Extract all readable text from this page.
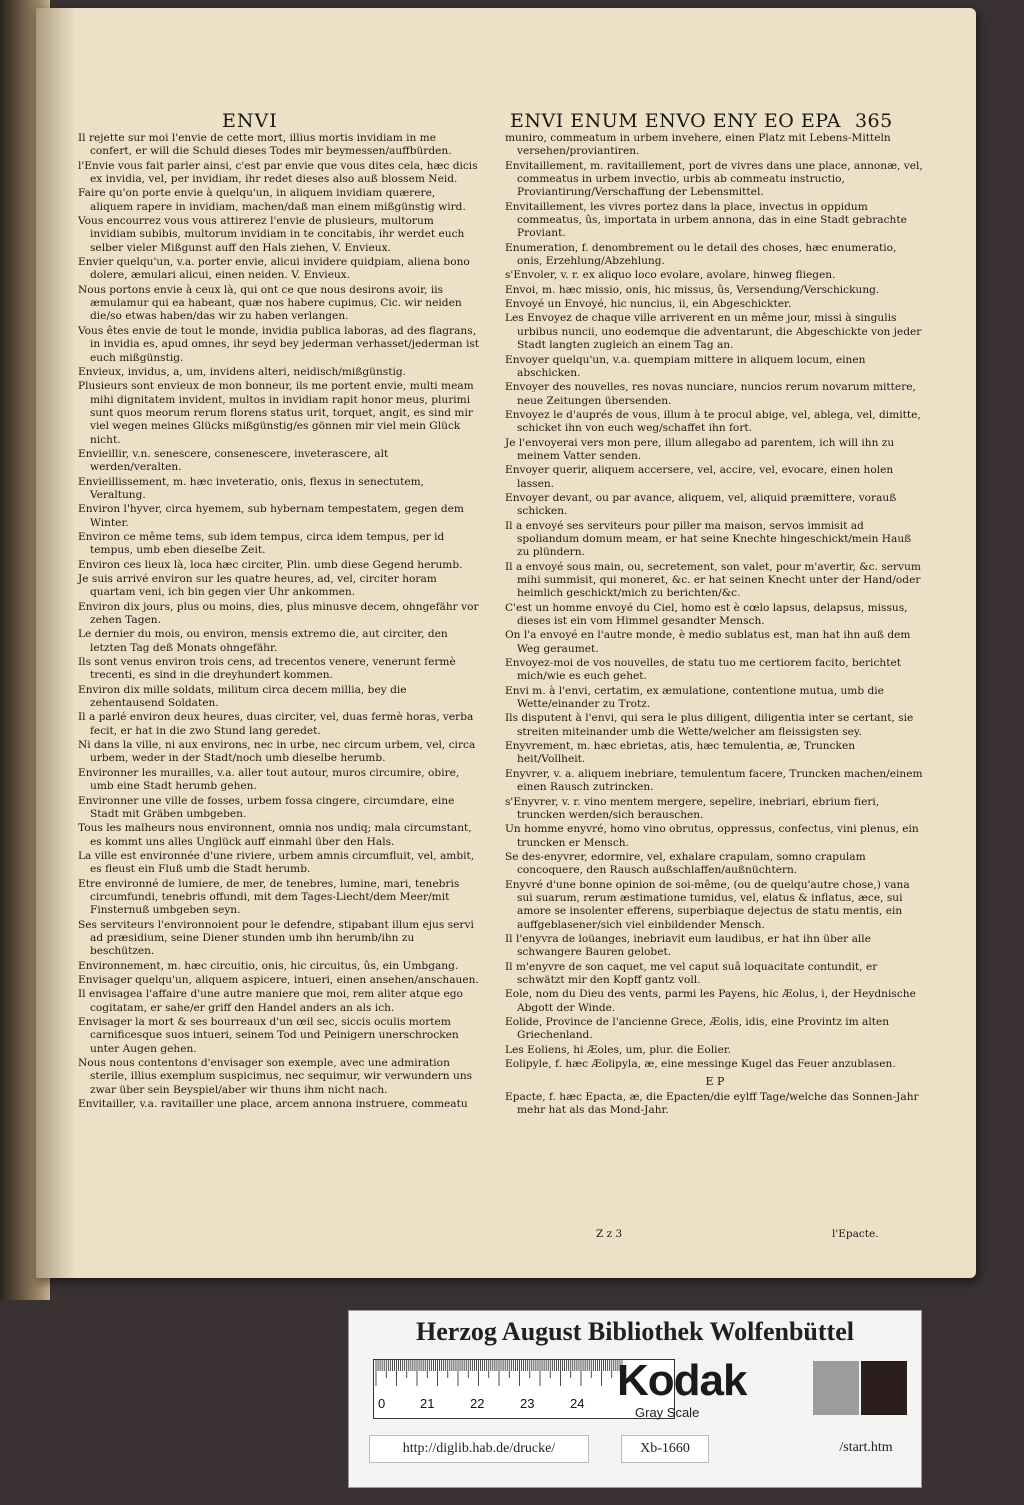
ENVI	ENVI ENUM ENVO ENY EO EPA 365
Il rejette sur moi l'envie de cette mort, illius mortis invidiam in me confert, er will die Schuld dieses Todes mir beymessen/auffbürden.
l'Envie vous fait parler ainsi, c'est par envie que vous dites cela, hæc dicis ex invidia, vel, per invidiam, ihr redet dieses also auß blossem Neid.
Faire qu'on porte envie à quelqu'un, in aliquem invidiam quærere, aliquem rapere in invidiam, machen/daß man einem mißgünstig wird.
Vous encourrez vous vous attirerez l'envie de plusieurs, multorum invidiam subibis, multorum invidiam in te concitabis, ihr werdet euch selber vieler Mißgunst auff den Hals ziehen, V. Envieux.
Envier quelqu'un, v.a. porter envie, alicui invidere quidpiam, aliena bono dolere, æmulari alicui, einen neiden. V. Envieux.
Nous portons envie à ceux là, qui ont ce que nous desirons avoir, iis æmulamur qui ea habeant, quæ nos habere cupimus, Cic. wir neiden die/so etwas haben/das wir zu haben verlangen.
Vous êtes envie de tout le monde, invidia publica laboras, ad des flagrans, in invidia es, apud omnes, ihr seyd bey jederman verhasset/jederman ist euch mißgünstig.
Envieux, invidus, a, um, invidens alteri, neidisch/mißgünstig.
Plusieurs sont envieux de mon bonneur, ils me portent envie, multi meam mihi dignitatem invident, multos in invidiam rapit honor meus, plurimi sunt quos meorum rerum florens status urit, torquet, angit, es sind mir viel wegen meines Glücks mißgünstig/es gönnen mir viel mein Glück nicht.
Envieillir, v.n. senescere, consenescere, inveterascere, alt werden/veralten.
Envieillissement, m. hæc inveteratio, onis, flexus in senectutem, Veraltung.
Environ l'hyver, circa hyemem, sub hybernam tempestatem, gegen dem Winter.
Environ ce même tems, sub idem tempus, circa idem tempus, per id tempus, umb eben dieselbe Zeit.
Environ ces lieux là, loca hæc circiter, Plin. umb diese Gegend herumb.
Je suis arrivé environ sur les quatre heures, ad, vel, circiter horam quartam veni, ich bin gegen vier Uhr ankommen.
Environ dix jours, plus ou moins, dies, plus minusve decem, ohngefähr vor zehen Tagen.
Le dernier du mois, ou environ, mensis extremo die, aut circiter, den letzten Tag deß Monats ohngefähr.
Ils sont venus environ trois cens, ad trecentos venere, venerunt fermè trecenti, es sind in die dreyhundert kommen.
Environ dix mille soldats, militum circa decem millia, bey die zehentausend Soldaten.
Il a parlé environ deux heures, duas circiter, vel, duas fermè horas, verba fecit, er hat in die zwo Stund lang geredet.
Ni dans la ville, ni aux environs, nec in urbe, nec circum urbem, vel, circa urbem, weder in der Stadt/noch umb dieselbe herumb.
Environner les murailles, v.a. aller tout autour, muros circumire, obire, umb eine Stadt herumb gehen.
Environner une ville de fosses, urbem fossa cingere, circumdare, eine Stadt mit Gräben umbgeben.
Tous les malheurs nous environnent, omnia nos undiq; mala circumstant, es kommt uns alles Unglück auff einmahl über den Hals.
La ville est environnée d'une riviere, urbem amnis circumfluit, vel, ambit, es fleust ein Fluß umb die Stadt herumb.
Etre environné de lumiere, de mer, de tenebres, lumine, mari, tenebris circumfundi, tenebris offundi, mit dem Tages-Liecht/dem Meer/mit Finsternuß umbgeben seyn.
Ses serviteurs l'environnoient pour le defendre, stipabant illum ejus servi ad præsidium, seine Diener stunden umb ihn herumb/ihn zu beschützen.
Environnement, m. hæc circuitio, onis, hic circuitus, ûs, ein Umbgang.
Envisager quelqu'un, aliquem aspicere, intueri, einen ansehen/anschauen.
Il envisagea l'affaire d'une autre maniere que moi, rem aliter atque ego cogitatam, er sahe/er griff den Handel anders an als ich.
Envisager la mort & ses bourreaux d'un œil sec, siccis oculis mortem carnificesque suos intueri, seinem Tod und Peinigern unerschrocken unter Augen gehen.
Nous nous contentons d'envisager son exemple, avec une admiration sterile, illius exemplum suspicimus, nec sequimur, wir verwundern uns zwar über sein Beyspiel/aber wir thuns ihm nicht nach.
Envitailler, v.a. ravitailler une place, arcem annona instruere, commeatu
muniro, commeatum in urbem invehere, einen Platz mit Lebens-Mitteln versehen/proviantiren.
Envitaillement, m. ravitaillement, port de vivres dans une place, annonæ, vel, commeatus in urbem invectio, urbis ab commeatu instructio, Proviantirung/Verschaffung der Lebensmittel.
Envitaillement, les vivres portez dans la place, invectus in oppidum commeatus, ûs, importata in urbem annona, das in eine Stadt gebrachte Proviant.
Enumeration, f. denombrement ou le detail des choses, hæc enumeratio, onis, Erzehlung/Abzehlung.
s'Envoler, v. r. ex aliquo loco evolare, avolare, hinweg fliegen.
Envoi, m. hæc missio, onis, hic missus, ûs, Versendung/Verschickung.
Envoyé un Envoyé, hic nuncius, ii, ein Abgeschickter.
Les Envoyez de chaque ville arriverent en un même jour, missi à singulis urbibus nuncii, uno eodemque die adventarunt, die Abgeschickte von jeder Stadt langten zugleich an einem Tag an.
Envoyer quelqu'un, v.a. quempiam mittere in aliquem locum, einen abschicken.
Envoyer des nouvelles, res novas nunciare, nuncios rerum novarum mittere, neue Zeitungen übersenden.
Envoyez le d'auprés de vous, illum à te procul abige, vel, ablega, vel, dimitte, schicket ihn von euch weg/schaffet ihn fort.
Je l'envoyerai vers mon pere, illum allegabo ad parentem, ich will ihn zu meinem Vatter senden.
Envoyer querir, aliquem accersere, vel, accire, vel, evocare, einen holen lassen.
Envoyer devant, ou par avance, aliquem, vel, aliquid præmittere, vorauß schicken.
Il a envoyé ses serviteurs pour piller ma maison, servos immisit ad spoliandum domum meam, er hat seine Knechte hingeschickt/mein Hauß zu plündern.
Il a envoyé sous main, ou, secretement, son valet, pour m'avertir, &c. servum mihi summisit, qui moneret, &c. er hat seinen Knecht unter der Hand/oder heimlich geschickt/mich zu berichten/&c.
C'est un homme envoyé du Ciel, homo est è cœlo lapsus, delapsus, missus, dieses ist ein vom Himmel gesandter Mensch.
On l'a envoyé en l'autre monde, è medio sublatus est, man hat ihn auß dem Weg geraumet.
Envoyez-moi de vos nouvelles, de statu tuo me certiorem facito, berichtet mich/wie es euch gehet.
Envi m. à l'envi, certatim, ex æmulatione, contentione mutua, umb die Wette/einander zu Trotz.
Ils disputent à l'envi, qui sera le plus diligent, diligentia inter se certant, sie streiten miteinander umb die Wette/welcher am fleissigsten sey.
Enyvrement, m. hæc ebrietas, atis, hæc temulentia, æ, Truncken heit/Vollheit.
Enyvrer, v. a. aliquem inebriare, temulentum facere, Truncken machen/einem einen Rausch zutrincken.
s'Enyvrer, v. r. vino mentem mergere, sepelire, inebriari, ebrium fieri, truncken werden/sich berauschen.
Un homme enyvré, homo vino obrutus, oppressus, confectus, vini plenus, ein truncken er Mensch.
Se des-enyvrer, edormire, vel, exhalare crapulam, somno crapulam concoquere, den Rausch außschlaffen/außnüchtern.
Enyvré d'une bonne opinion de soi-même, (ou de quelqu'autre chose,) vana sui suarum, rerum æstimatione tumidus, vel, elatus & inflatus, æce, sui amore se insolenter efferens, superbiaque dejectus de statu mentis, ein auffgeblasener/sich viel einbildender Mensch.
Il l'enyvra de loüanges, inebriavit eum laudibus, er hat ihn über alle schwangere Bauren gelobet.
Il m'enyvre de son caquet, me vel caput suâ loquacitate contundit, er schwätzt mir den Kopff gantz voll.
Eole, nom du Dieu des vents, parmi les Payens, hic Æolus, i, der Heydnische Abgott der Winde.
Eolide, Province de l'ancienne Grece, Æolis, idis, eine Provintz im alten Griechenland.
Les Eoliens, hi Æoles, um, plur. die Eolier.
Eolipyle, f. hæc Æolipyla, æ, eine messinge Kugel das Feuer anzublasen.
E P
Epacte, f. hæc Epacta, æ, die Epacten/die eylff Tage/welche das Sonnen-Jahr mehr hat als das Mond-Jahr.
Z z 3	l'Epacte.
Herzog August Bibliothek Wolfenbüttel
0	21	22	23	24 Kodak
Gray Scale
http://diglib.hab.de/drucke/	Xb-1660	/start.htm
